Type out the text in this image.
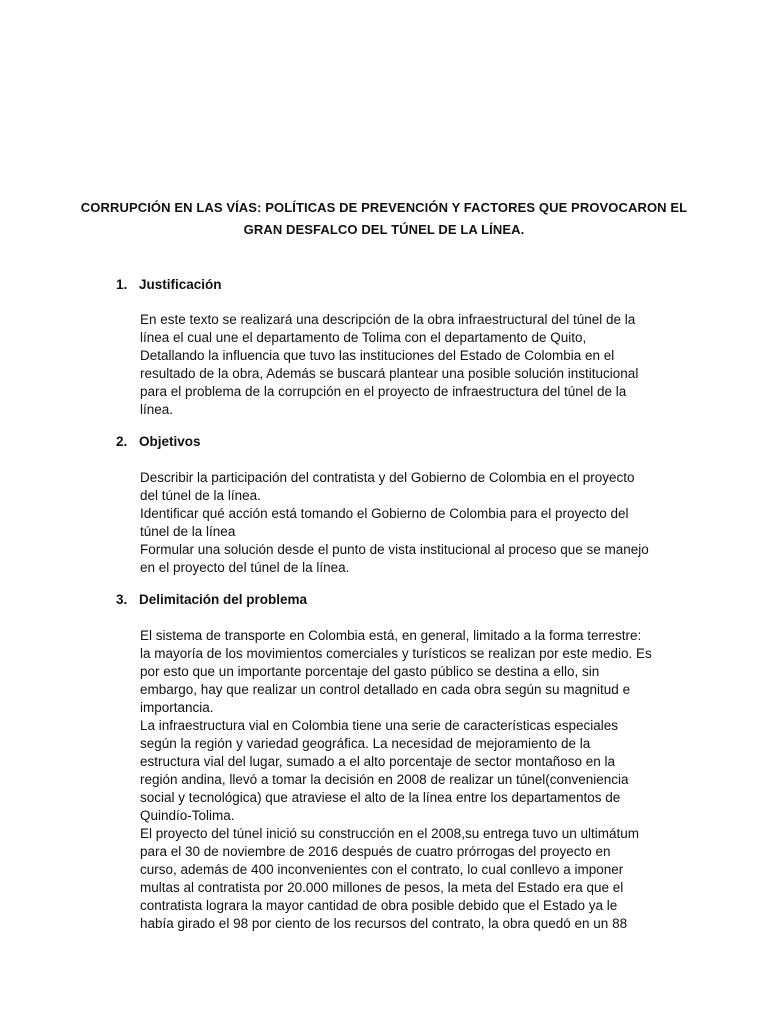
CORRUPCIÓN EN LAS VÍAS: POLÍTICAS DE PREVENCIÓN Y FACTORES QUE PROVOCARON EL
GRAN DESFALCO DEL TÚNEL DE LA LÍNEA.
1. Justificación
En este texto se realizará una descripción de la obra infraestructural del túnel de la
línea el cual une el departamento de Tolima con el departamento de Quito,
Detallando la influencia que tuvo las instituciones del Estado de Colombia en el
resultado de la obra, Además se buscará plantear una posible solución institucional
para el problema de la corrupción en el proyecto de infraestructura del túnel de la
línea.
2. Objetivos
Describir la participación del contratista y del Gobierno de Colombia en el proyecto
del túnel de la línea.
Identificar qué acción está tomando el Gobierno de Colombia para el proyecto del
túnel de la línea
Formular una solución desde el punto de vista institucional al proceso que se manejo
en el proyecto del túnel de la línea.
3. Delimitación del problema
El sistema de transporte en Colombia está, en general, limitado a la forma terrestre:
la mayoría de los movimientos comerciales y turísticos se realizan por este medio. Es
por esto que un importante porcentaje del gasto público se destina a ello, sin
embargo, hay que realizar un control detallado en cada obra según su magnitud e
importancia.
La infraestructura vial en Colombia tiene una serie de características especiales
según la región y variedad geográfica. La necesidad de mejoramiento de la
estructura vial del lugar, sumado a el alto porcentaje de sector montañoso en la
región andina, llevó a tomar la decisión en 2008 de realizar un túnel(conveniencia
social y tecnológica) que atraviese el alto de la línea entre los departamentos de
Quindío-Tolima.
El proyecto del túnel inició su construcción en el 2008,su entrega tuvo un ultimátum
para el 30 de noviembre de 2016 después de cuatro prórrogas del proyecto en
curso, además de 400 inconvenientes con el contrato, lo cual conllevo a imponer
multas al contratista por 20.000 millones de pesos, la meta del Estado era que el
contratista lograra la mayor cantidad de obra posible debido que el Estado ya le
había girado el 98 por ciento de los recursos del contrato, la obra quedó en un 88
